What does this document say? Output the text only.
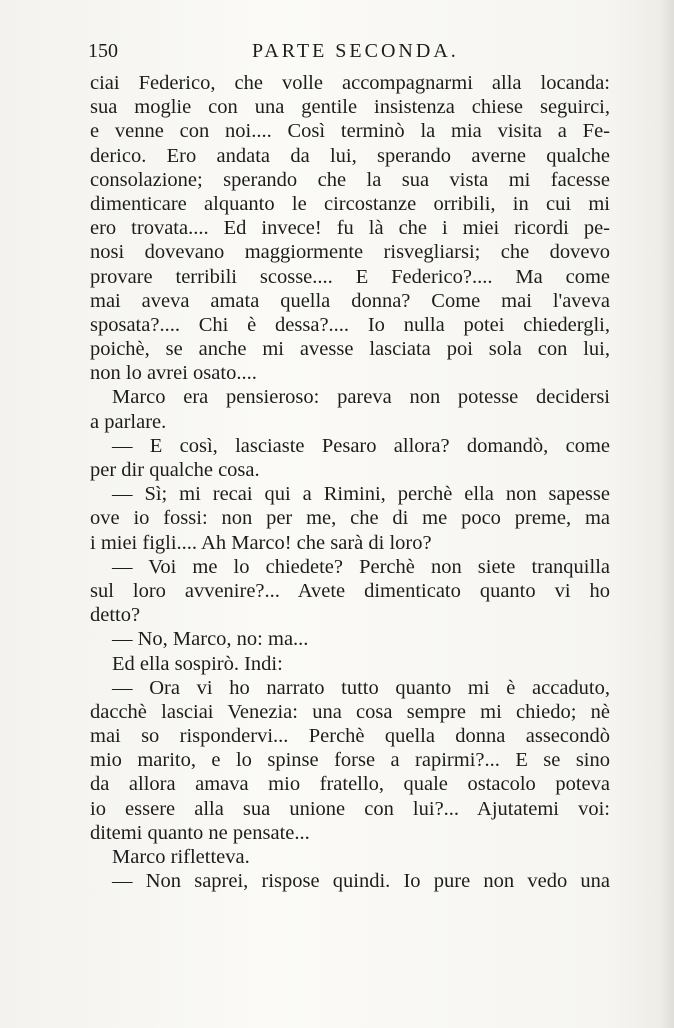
150	PARTE SECONDA.
ciai Federico, che volle accompagnarmi alla locanda:
sua moglie con una gentile insistenza chiese seguirci,
e venne con noi.... Così terminò la mia visita a Fe-
derico. Ero andata da lui, sperando averne qualche
consolazione; sperando che la sua vista mi facesse
dimenticare alquanto le circostanze orribili, in cui mi
ero trovata.... Ed invece! fu là che i miei ricordi pe-
nosi dovevano maggiormente risvegliarsi; che dovevo
provare terribili scosse.... E Federico?.... Ma come
mai aveva amata quella donna? Come mai l'aveva
sposata?.... Chi è dessa?.... Io nulla potei chiedergli,
poichè, se anche mi avesse lasciata poi sola con lui,
non lo avrei osato....
Marco era pensieroso: pareva non potesse decidersi
a parlare.
— E così, lasciaste Pesaro allora? domandò, come
per dir qualche cosa.
— Sì; mi recai qui a Rimini, perchè ella non sapesse
ove io fossi: non per me, che di me poco preme, ma
i miei figli.... Ah Marco! che sarà di loro?
— Voi me lo chiedete? Perchè non siete tranquilla
sul loro avvenire?... Avete dimenticato quanto vi ho
detto?
— No, Marco, no: ma...
Ed ella sospirò. Indi:
— Ora vi ho narrato tutto quanto mi è accaduto,
dacchè lasciai Venezia: una cosa sempre mi chiedo; nè
mai so rispondervi... Perchè quella donna assecondò
mio marito, e lo spinse forse a rapirmi?... E se sino
da allora amava mio fratello, quale ostacolo poteva
io essere alla sua unione con lui?... Ajutatemi voi:
ditemi quanto ne pensate...
Marco rifletteva.
— Non saprei, rispose quindi. Io pure non vedo una
